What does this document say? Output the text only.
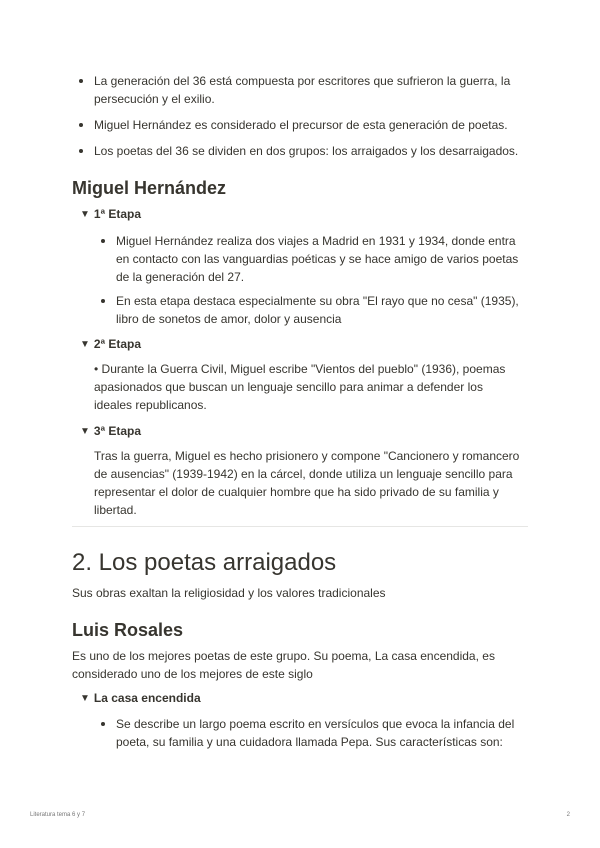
La generación del 36 está compuesta por escritores que sufrieron la guerra, la persecución y el exilio.
Miguel Hernández es considerado el precursor de esta generación de poetas.
Los poetas del 36 se dividen en dos grupos: los arraigados y los desarraigados.
Miguel Hernández
▼ 1ª Etapa
Miguel Hernández realiza dos viajes a Madrid en 1931 y 1934, donde entra en contacto con las vanguardias poéticas y se hace amigo de varios poetas de la generación del 27.
En esta etapa destaca especialmente su obra "El rayo que no cesa" (1935), libro de sonetos de amor, dolor y ausencia
▼ 2ª Etapa

• Durante la Guerra Civil, Miguel escribe "Vientos del pueblo" (1936), poemas apasionados que buscan un lenguaje sencillo para animar a defender los ideales republicanos.

▼ 3ª Etapa

Tras la guerra, Miguel es hecho prisionero y compone "Cancionero y romancero de ausencias" (1939-1942) en la cárcel, donde utiliza un lenguaje sencillo para representar el dolor de cualquier hombre que ha sido privado de su familia y libertad.

2. Los poetas arraigados

Sus obras exaltan la religiosidad y los valores tradicionales

Luis Rosales

Es uno de los mejores poetas de este grupo. Su poema, La casa encendida, es considerado uno de los mejores de este siglo

▼ La casa encendida
Se describe un largo poema escrito en versículos que evoca la infancia del poeta, su familia y una cuidadora llamada Pepa. Sus características son:
Literatura tema 6 y 7	2
